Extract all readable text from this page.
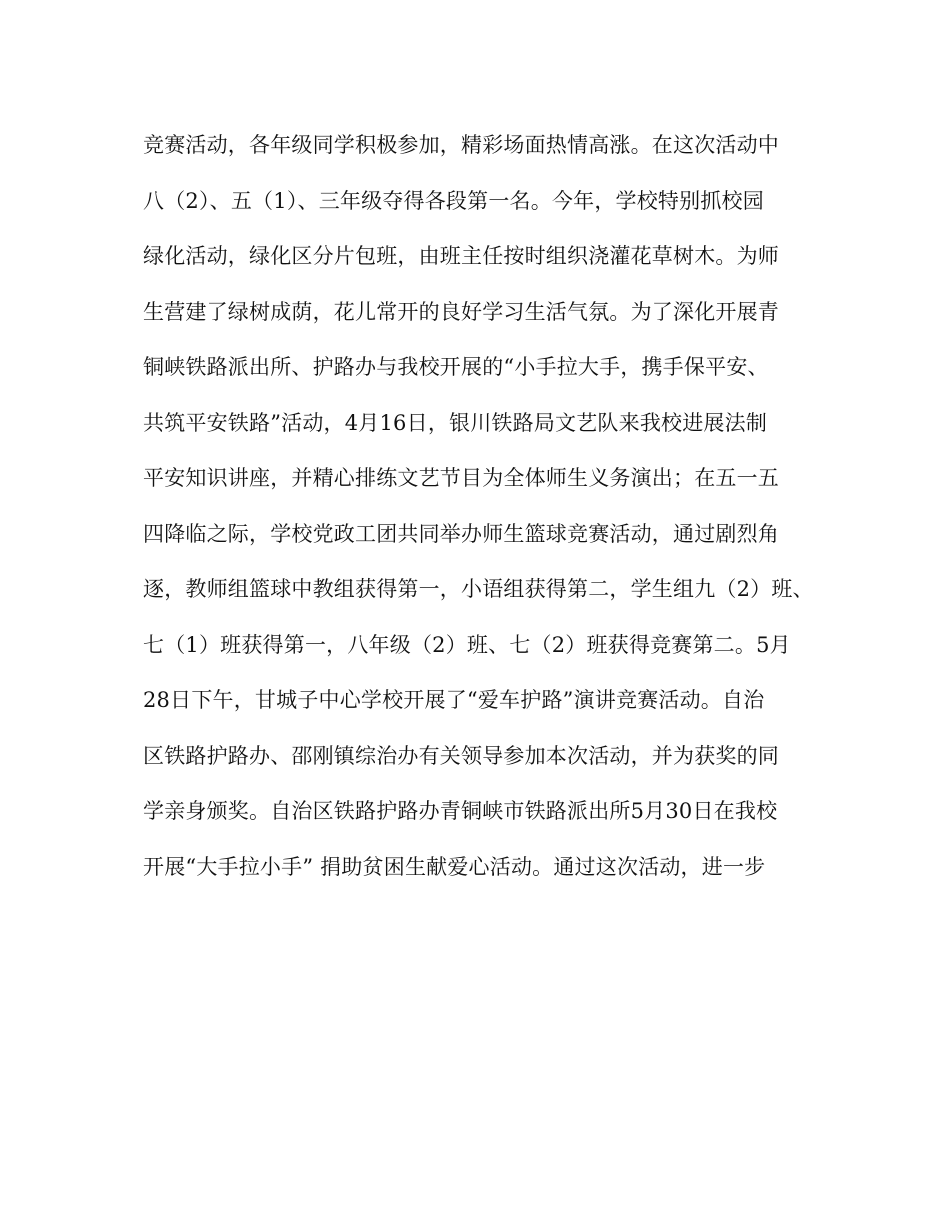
竞赛活动，各年级同学积极参加，精彩场面热情高涨。在这次活动中
八（2）、五（1）、三年级夺得各段第一名。今年，学校特别抓校园
绿化活动，绿化区分片包班，由班主任按时组织浇灌花草树木。为师
生营建了绿树成荫，花儿常开的良好学习生活气氛。为了深化开展青
铜峡铁路派出所、护路办与我校开展的“小手拉大手，携手保平安、
共筑平安铁路”活动，4月16日，银川铁路局文艺队来我校进展法制
平安知识讲座，并精心排练文艺节目为全体师生义务演出；在五一五
四降临之际，学校党政工团共同举办师生篮球竞赛活动，通过剧烈角
逐，教师组篮球中教组获得第一，小语组获得第二，学生组九（2）班、
七（1）班获得第一，八年级（2）班、七（2）班获得竞赛第二。5月
28日下午，甘城子中心学校开展了“爱车护路”演讲竞赛活动。自治
区铁路护路办、邵刚镇综治办有关领导参加本次活动，并为获奖的同
学亲身颁奖。自治区铁路护路办青铜峡市铁路派出所5月30日在我校
开展“大手拉小手” 捐助贫困生献爱心活动。通过这次活动，进一步
